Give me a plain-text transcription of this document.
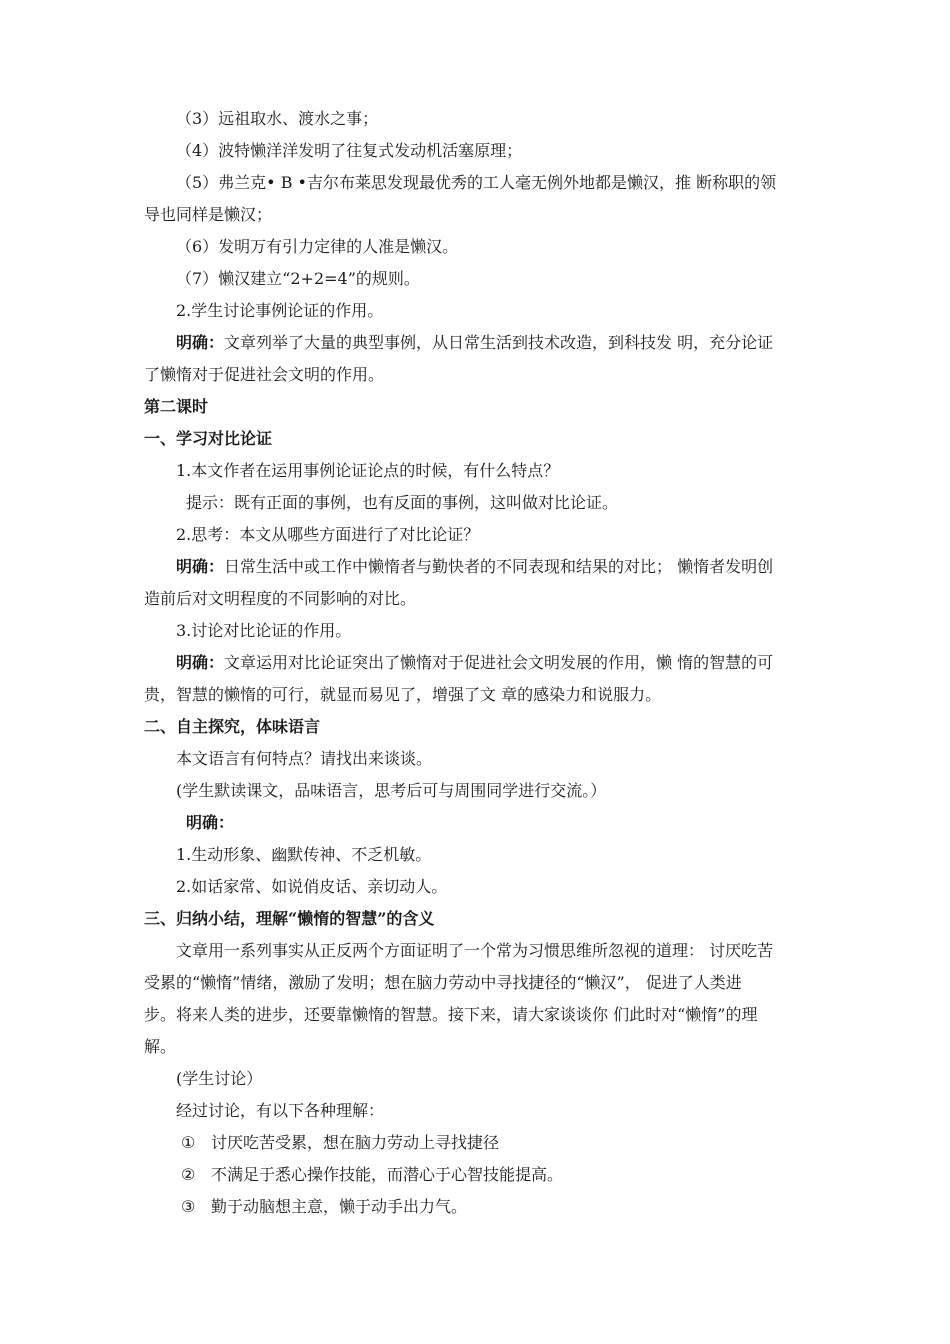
（3）远祖取水、渡水之事；
（4）波特懒洋洋发明了往复式发动机活塞原理；
（5）弗兰克• B •吉尔布莱思发现最优秀的工人毫无例外地都是懒汉，推 断称职的领
导也同样是懒汉；
（6）发明万有引力定律的人准是懒汉。
（7）懒汉建立“2+2=4”的规则。
2.学生讨论事例论证的作用。
明确：文章列举了大量的典型事例，从日常生活到技术改造，到科技发 明，充分论证
了懒惰对于促进社会文明的作用。
第二课时
一、学习对比论证
1.本文作者在运用事例论证论点的时候，有什么特点？
提示：既有正面的事例，也有反面的事例，这叫做对比论证。
2.思考：本文从哪些方面进行了对比论证？
明确：日常生活中或工作中懒惰者与勤快者的不同表现和结果的对比； 懒惰者发明创
造前后对文明程度的不同影响的对比。
3.讨论对比论证的作用。
明确：文章运用对比论证突出了懒惰对于促进社会文明发展的作用，懒 惰的智慧的可
贵，智慧的懒惰的可行，就显而易见了，增强了文 章的感染力和说服力。
二、自主探究，体味语言
本文语言有何特点？请找出来谈谈。
(学生默读课文，品味语言，思考后可与周围同学进行交流。）
明确：
1.生动形象、幽默传神、不乏机敏。
2.如话家常、如说俏皮话、亲切动人。
三、归纳小结，理解“懒惰的智慧”的含义
文章用一系列事实从正反两个方面证明了一个常为习惯思维所忽视的道理： 讨厌吃苦
受累的“懒惰”情绪，激励了发明；想在脑力劳动中寻找捷径的“懒汉”， 促进了人类进
步。将来人类的进步，还要靠懒惰的智慧。接下来，请大家谈谈你 们此时对“懒惰”的理
解。
(学生讨论）
经过讨论，有以下各种理解：
① 讨厌吃苦受累，想在脑力劳动上寻找捷径
② 不满足于悉心操作技能，而潜心于心智技能提高。
③ 勤于动脑想主意，懒于动手出力气。
